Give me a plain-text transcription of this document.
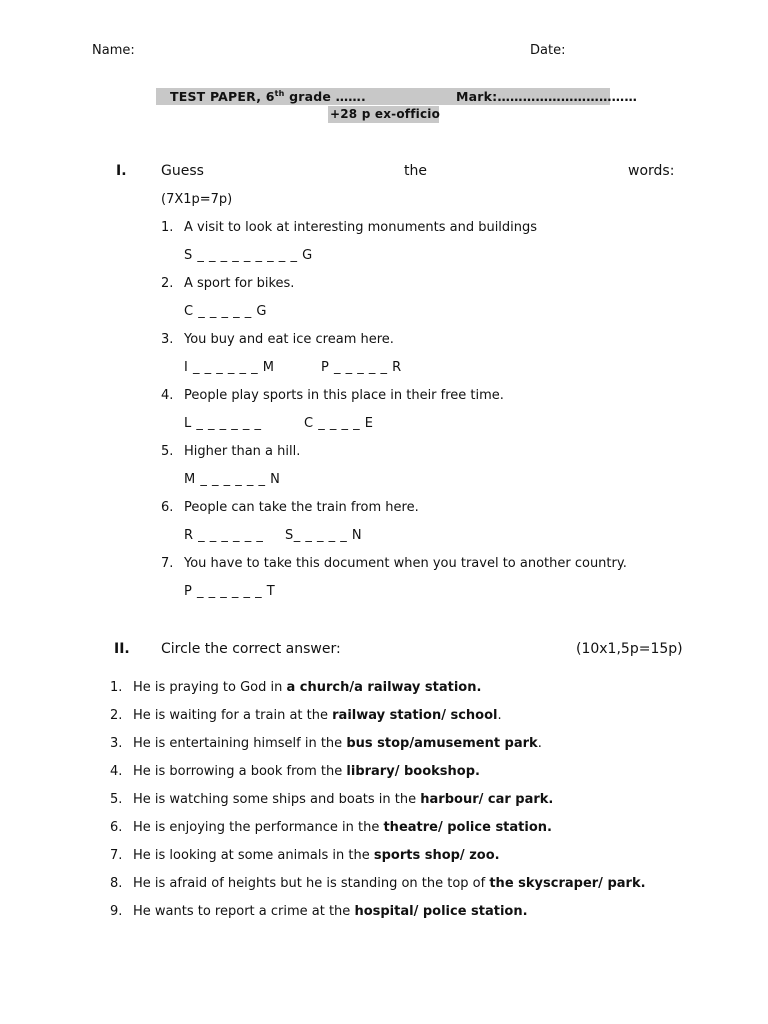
Name:	Date:
TEST PAPER, 6th grade …….	Mark:……………………………
+28 p ex-officio
I. Guess	the	words:
(7X1p=7p)
1. A visit to look at interesting monuments and buildings
S _ _ _ _ _ _ _ _ _ G
2. A sport for bikes.
C _ _ _ _ _ G
3. You buy and eat ice cream here.
I _ _ _ _ _ _ M	P _ _ _ _ _ R
4. People play sports in this place in their free time.
L _ _ _ _ _ _	C _ _ _ _ E
5. Higher than a hill.
M _ _ _ _ _ _ N
6. People can take the train from here.
R _ _ _ _ _ _ S_ _ _ _ _ N
7. You have to take this document when you travel to another country.
P _ _ _ _ _ _ T
II. Circle the correct answer:	(10x1,5p=15p)
1. He is praying to God in a church/a railway station.
2. He is waiting for a train at the railway station/ school.
3. He is entertaining himself in the bus stop/amusement park.
4. He is borrowing a book from the library/ bookshop.
5. He is watching some ships and boats in the harbour/ car park.
6. He is enjoying the performance in the theatre/ police station.
7. He is looking at some animals in the sports shop/ zoo.
8. He is afraid of heights but he is standing on the top of the skyscraper/ park.
9. He wants to report a crime at the hospital/ police station.
